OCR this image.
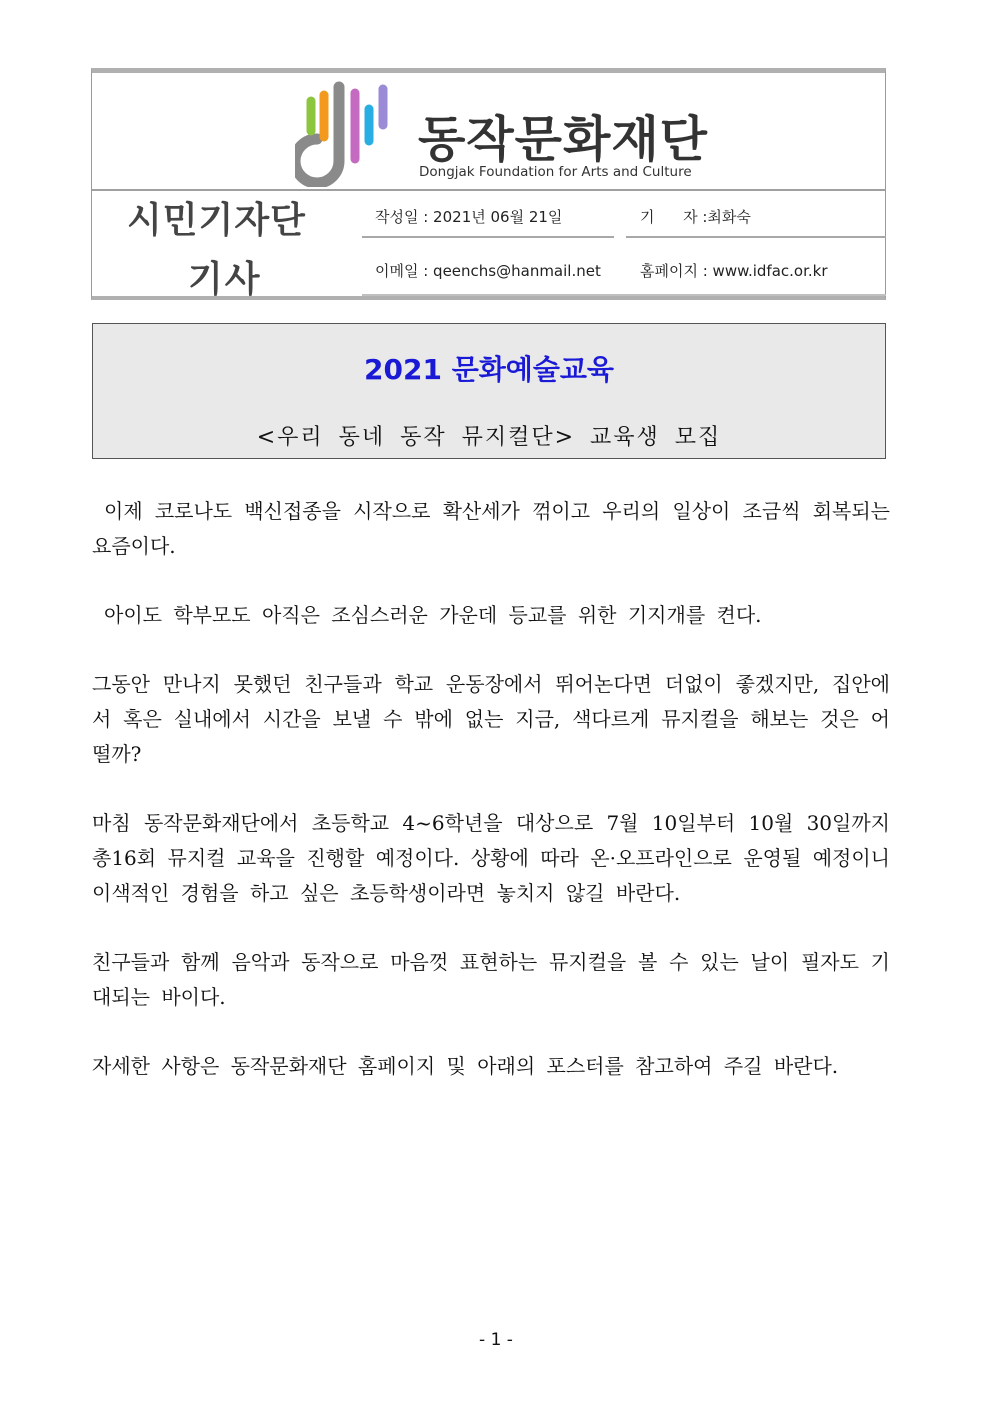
동작문화재단
Dongjak Foundation for Arts and Culture
시민기자단
기사
작성일 : 2021년 06월 21일	기      자 :최화숙
이메일 : qeenchs@hanmail.net	홈페이지 : www.idfac.or.kr
2021 문화예술교육
<우리 동네 동작 뮤지컬단> 교육생 모집

이제 코로나도 백신접종을 시작으로 확산세가 꺾이고 우리의 일상이 조금씩 회복되는 요즘이다.

아이도 학부모도 아직은 조심스러운 가운데 등교를 위한 기지개를 켠다.

그동안 만나지 못했던 친구들과 학교 운동장에서 뛰어논다면 더없이 좋겠지만, 집안에서 혹은 실내에서 시간을 보낼 수 밖에 없는 지금, 색다르게 뮤지컬을 해보는 것은 어떨까?

마침 동작문화재단에서 초등학교 4~6학년을 대상으로 7월 10일부터 10월 30일까지 총16회 뮤지컬 교육을 진행할 예정이다. 상황에 따라 온·오프라인으로 운영될 예정이니 이색적인 경험을 하고 싶은 초등학생이라면 놓치지 않길 바란다.

친구들과 함께 음악과 동작으로 마음껏 표현하는 뮤지컬을 볼 수 있는 날이 필자도 기대되는 바이다.

자세한 사항은 동작문화재단 홈페이지 및 아래의 포스터를 참고하여 주길 바란다.

- 1 -
